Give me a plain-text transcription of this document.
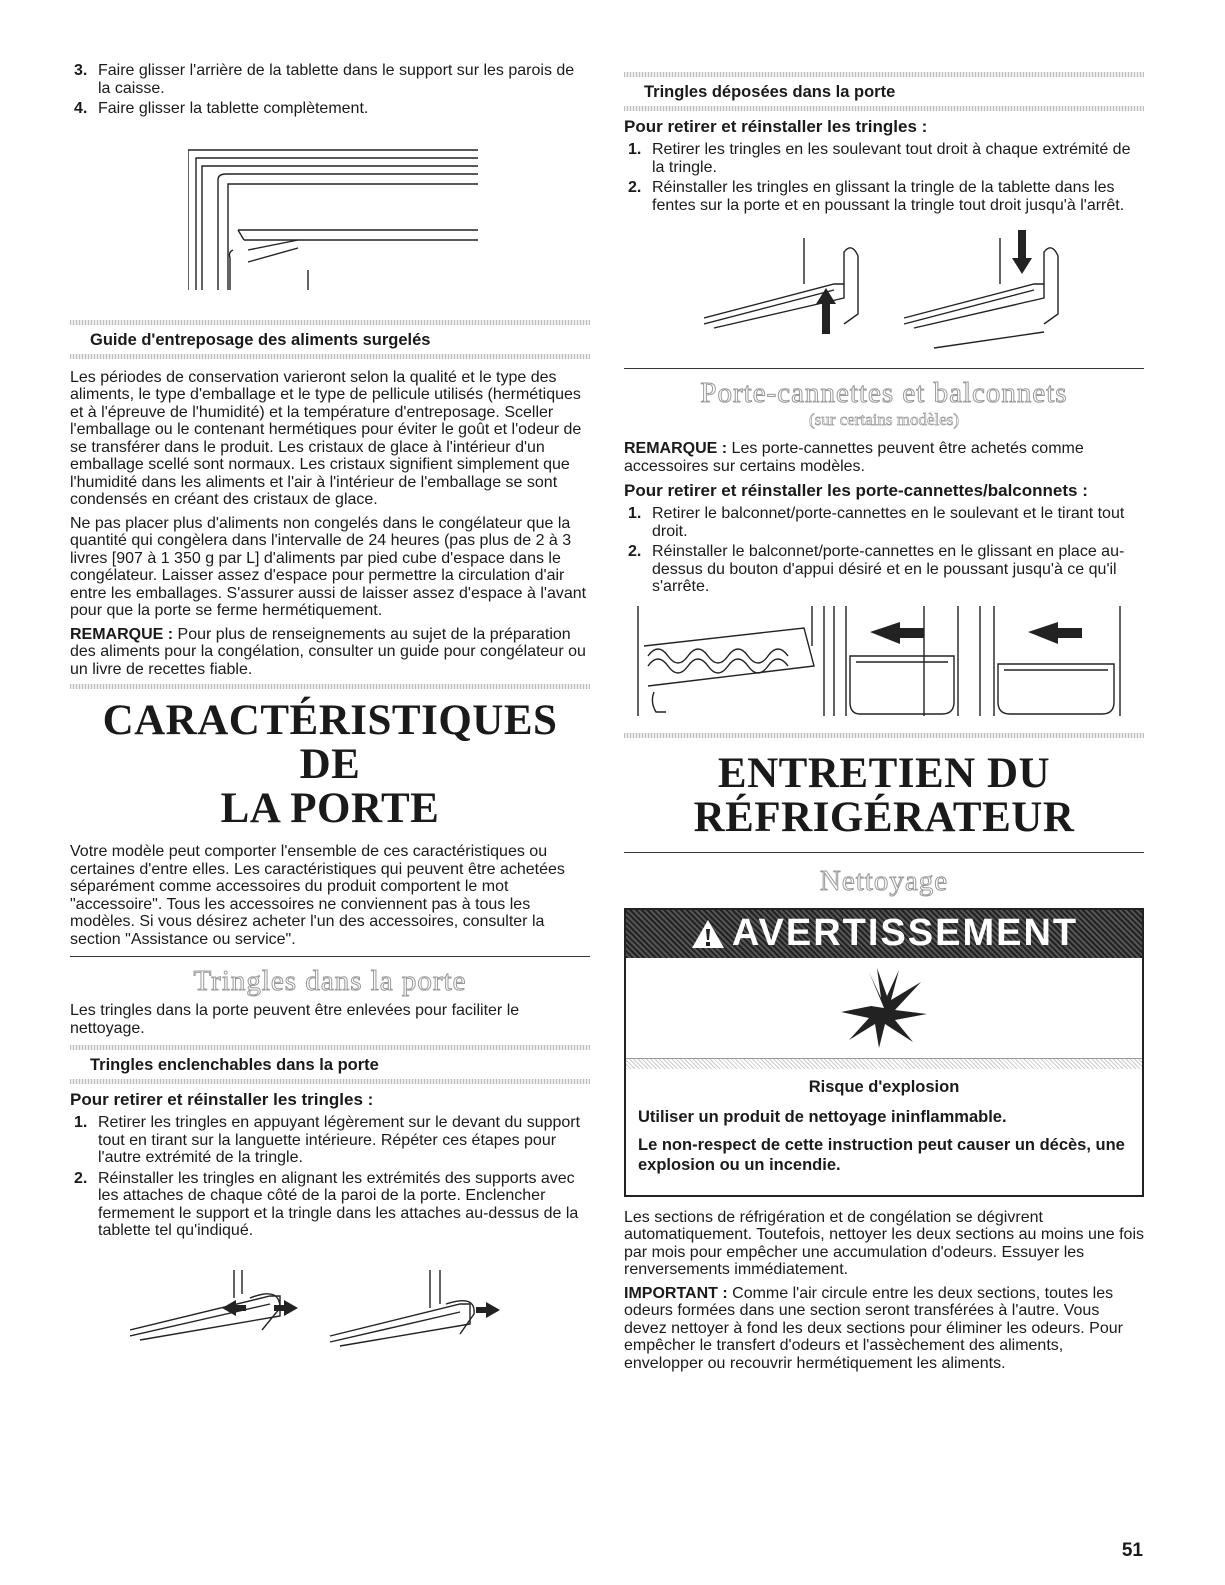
3. Faire glisser l'arrière de la tablette dans le support sur les parois de la caisse.
4. Faire glisser la tablette complètement.
Guide d'entreposage des aliments surgelés

Les périodes de conservation varieront selon la qualité et le type des aliments, le type d'emballage et le type de pellicule utilisés (hermétiques et à l'épreuve de l'humidité) et la température d'entreposage. Sceller l'emballage ou le contenant hermétiques pour éviter le goût et l'odeur de se transférer dans le produit. Les cristaux de glace à l'intérieur d'un emballage scellé sont normaux. Les cristaux signifient simplement que l'humidité dans les aliments et l'air à l'intérieur de l'emballage se sont condensés en créant des cristaux de glace.

Ne pas placer plus d'aliments non congelés dans le congélateur que la quantité qui congèlera dans l'intervalle de 24 heures (pas plus de 2 à 3 livres [907 à 1 350 g par L] d'aliments par pied cube d'espace dans le congélateur. Laisser assez d'espace pour permettre la circulation d'air entre les emballages. S'assurer aussi de laisser assez d'espace à l'avant pour que la porte se ferme hermétiquement.

REMARQUE : Pour plus de renseignements au sujet de la préparation des aliments pour la congélation, consulter un guide pour congélateur ou un livre de recettes fiable.

CARACTÉRISTIQUES DE
LA PORTE

Votre modèle peut comporter l'ensemble de ces caractéristiques ou certaines d'entre elles. Les caractéristiques qui peuvent être achetées séparément comme accessoires du produit comportent le mot "accessoire". Tous les accessoires ne conviennent pas à tous les modèles. Si vous désirez acheter l'un des accessoires, consulter la section "Assistance ou service".

Tringles dans la porte

Les tringles dans la porte peuvent être enlevées pour faciliter le nettoyage.

Tringles enclenchables dans la porte
Pour retirer et réinstaller les tringles :
1. Retirer les tringles en appuyant légèrement sur le devant du support tout en tirant sur la languette intérieure. Répéter ces étapes pour l'autre extrémité de la tringle.
2. Réinstaller les tringles en alignant les extrémités des supports avec les attaches de chaque côté de la paroi de la porte. Enclencher fermement le support et la tringle dans les attaches au-dessus de la tablette tel qu'indiqué.
Tringles déposées dans la porte
Pour retirer et réinstaller les tringles :
1. Retirer les tringles en les soulevant tout droit à chaque extrémité de la tringle.
2. Réinstaller les tringles en glissant la tringle de la tablette dans les fentes sur la porte et en poussant la tringle tout droit jusqu'à l'arrêt.
Porte-cannettes et balconnets
(sur certains modèles)

REMARQUE : Les porte-cannettes peuvent être achetés comme accessoires sur certains modèles.

Pour retirer et réinstaller les porte-cannettes/balconnets :
1. Retirer le balconnet/porte-cannettes en le soulevant et le tirant tout droit.
2. Réinstaller le balconnet/porte-cannettes en le glissant en place au-dessus du bouton d'appui désiré et en le poussant jusqu'à ce qu'il s'arrête.
ENTRETIEN DU
RÉFRIGÉRATEUR
Nettoyage
AVERTISSEMENT
Risque d'explosion

Utiliser un produit de nettoyage ininflammable.

Le non-respect de cette instruction peut causer un décès, une explosion ou un incendie.

Les sections de réfrigération et de congélation se dégivrent automatiquement. Toutefois, nettoyer les deux sections au moins une fois par mois pour empêcher une accumulation d'odeurs. Essuyer les renversements immédiatement.

IMPORTANT : Comme l'air circule entre les deux sections, toutes les odeurs formées dans une section seront transférées à l'autre. Vous devez nettoyer à fond les deux sections pour éliminer les odeurs. Pour empêcher le transfert d'odeurs et l'assèchement des aliments, envelopper ou recouvrir hermétiquement les aliments.

51
